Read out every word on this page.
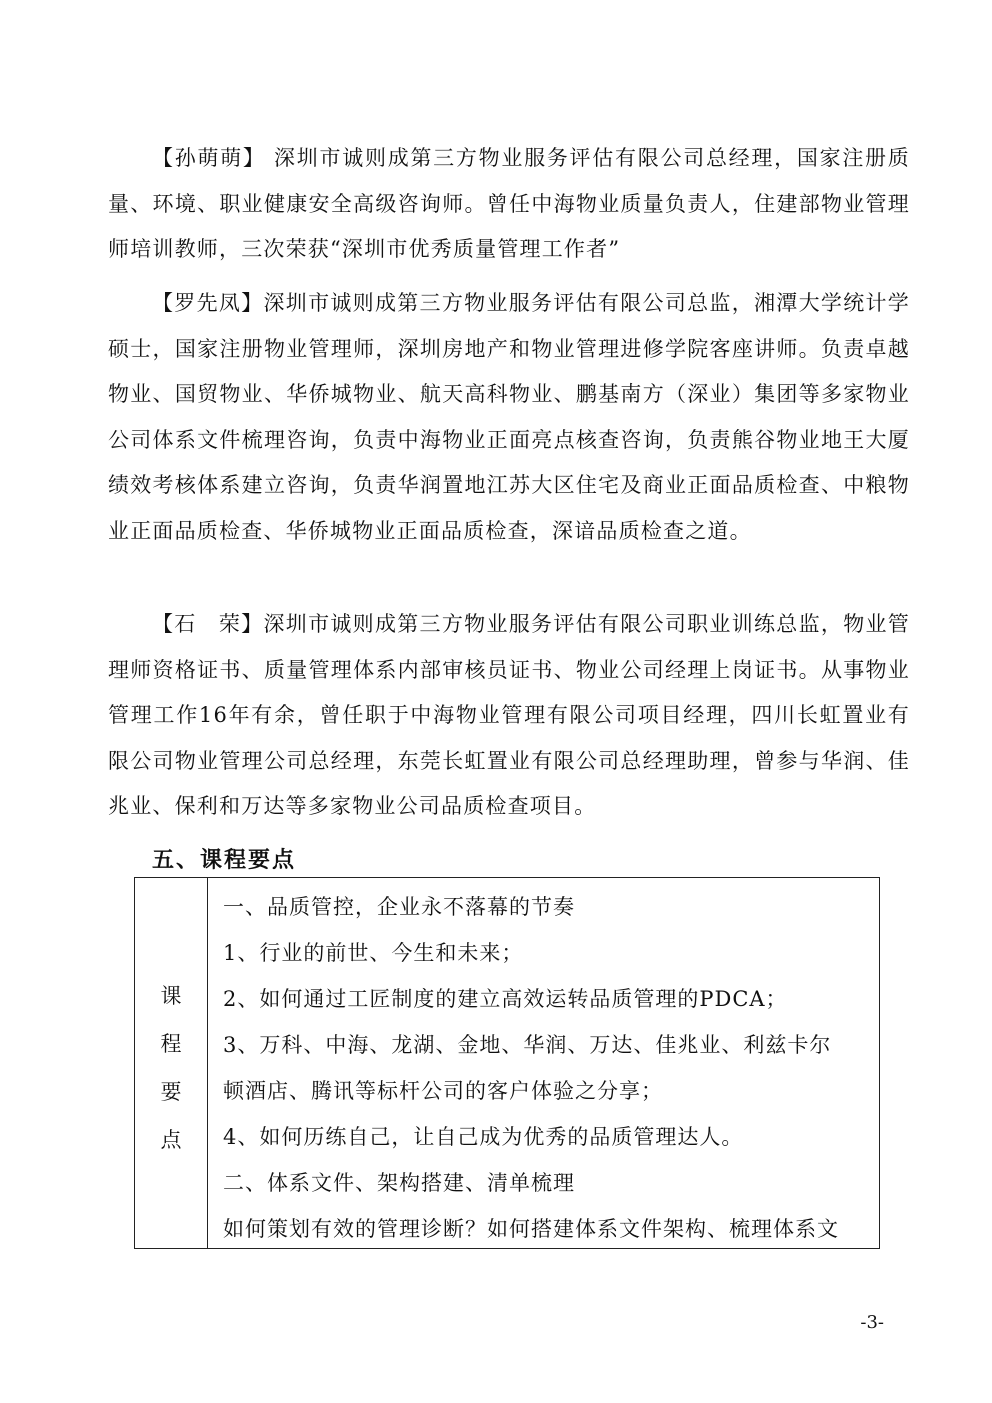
【孙萌萌】 深圳市诚则成第三方物业服务评估有限公司总经理，国家注册质量、环境、职业健康安全高级咨询师。曾任中海物业质量负责人，住建部物业管理师培训教师，三次荣获“深圳市优秀质量管理工作者”

【罗先凤】深圳市诚则成第三方物业服务评估有限公司总监，湘潭大学统计学硕士，国家注册物业管理师，深圳房地产和物业管理进修学院客座讲师。负责卓越物业、国贸物业、华侨城物业、航天高科物业、鹏基南方（深业）集团等多家物业公司体系文件梳理咨询，负责中海物业正面亮点核查咨询，负责熊谷物业地王大厦绩效考核体系建立咨询，负责华润置地江苏大区住宅及商业正面品质检查、中粮物业正面品质检查、华侨城物业正面品质检查，深谙品质检查之道。

【石　荣】深圳市诚则成第三方物业服务评估有限公司职业训练总监，物业管理师资格证书、质量管理体系内部审核员证书、物业公司经理上岗证书。从事物业管理工作16年有余，曾任职于中海物业管理有限公司项目经理，四川长虹置业有限公司物业管理公司总经理，东莞长虹置业有限公司总经理助理，曾参与华润、佳兆业、保利和万达等多家物业公司品质检查项目。

五、课程要点
课
程
要
点
一、品质管控，企业永不落幕的节奏
1、行业的前世、今生和未来；
2、如何通过工匠制度的建立高效运转品质管理的PDCA；
3、万科、中海、龙湖、金地、华润、万达、佳兆业、利兹卡尔
顿酒店、腾讯等标杆公司的客户体验之分享；
4、如何历练自己，让自己成为优秀的品质管理达人。
二、体系文件、架构搭建、清单梳理
如何策划有效的管理诊断？如何搭建体系文件架构、梳理体系文
-3-
